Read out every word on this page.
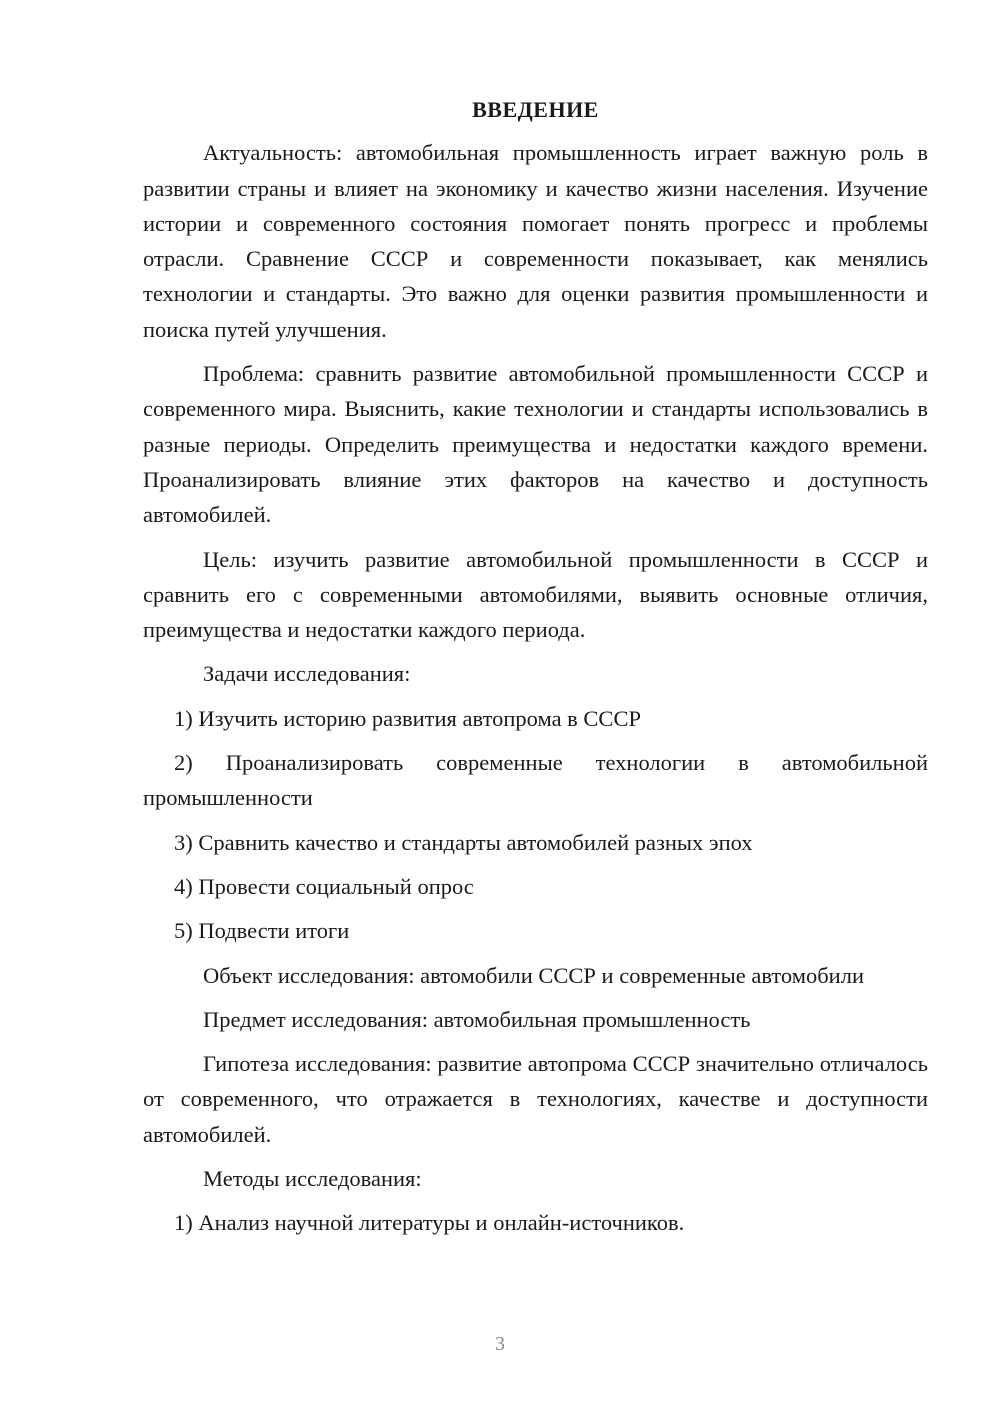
ВВЕДЕНИЕ

Актуальность: автомобильная промышленность играет важную роль в развитии страны и влияет на экономику и качество жизни населения. Изучение истории и современного состояния помогает понять прогресс и проблемы отрасли. Сравнение СССР и современности показывает, как менялись технологии и стандарты. Это важно для оценки развития промышленности и поиска путей улучшения.

Проблема: сравнить развитие автомобильной промышленности СССР и современного мира. Выяснить, какие технологии и стандарты использовались в разные периоды. Определить преимущества и недостатки каждого времени. Проанализировать влияние этих факторов на качество и доступность автомобилей.

Цель: изучить развитие автомобильной промышленности в СССР и сравнить его с современными автомобилями, выявить основные отличия, преимущества и недостатки каждого периода.

Задачи исследования:

1) Изучить историю развития автопрома в СССР

2) Проанализировать современные технологии в автомобильной промышленности

3) Сравнить качество и стандарты автомобилей разных эпох

4) Провести социальный опрос

5) Подвести итоги

Объект исследования: автомобили СССР и современные автомобили

Предмет исследования: автомобильная промышленность

Гипотеза исследования: развитие автопрома СССР значительно отличалось от современного, что отражается в технологиях, качестве и доступности автомобилей.

Методы исследования:

1) Анализ научной литературы и онлайн-источников.

3
